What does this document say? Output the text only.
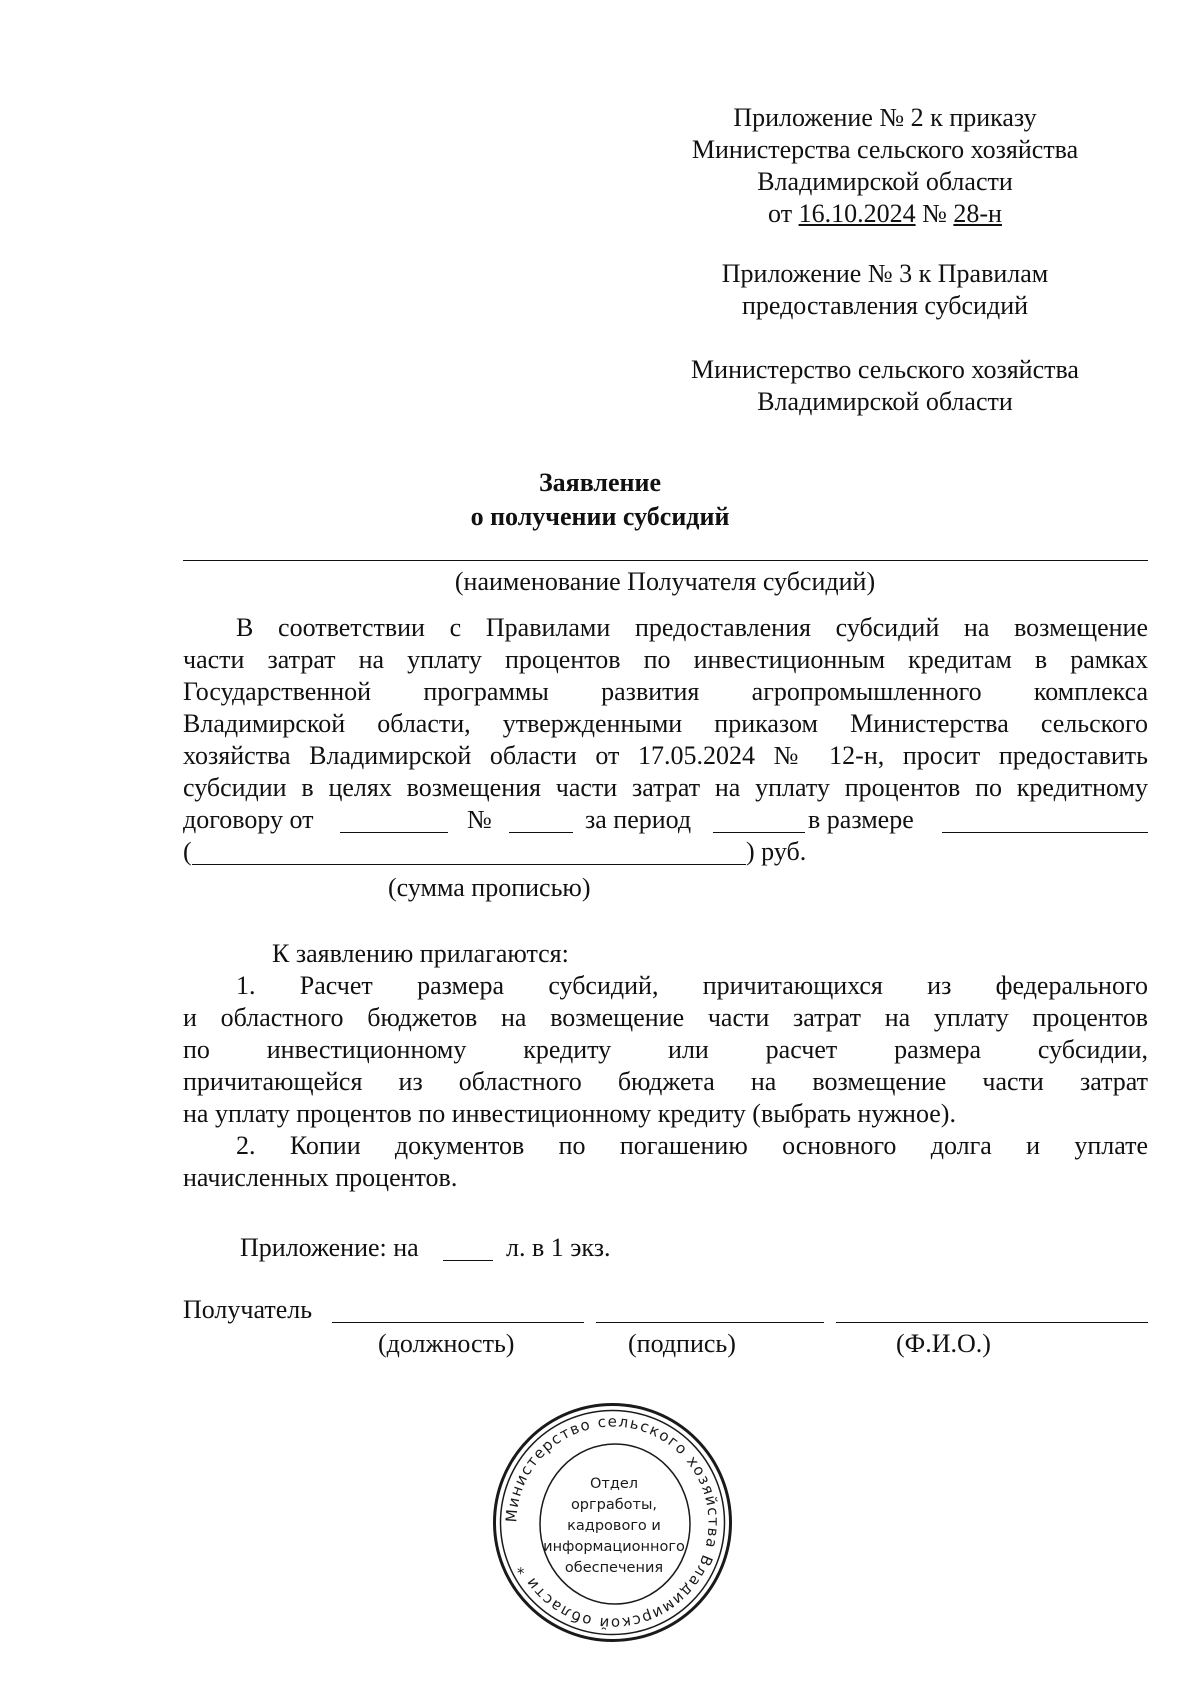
Приложение № 2 к приказу
Министерства сельского хозяйства
Владимирской области
от 16.10.2024 № 28-н
Приложение № 3 к Правилам
предоставления субсидий
Министерство сельского хозяйства
Владимирской области
Заявление
о получении субсидий
(наименование Получателя субсидий)
В соответствии с Правилами предоставления субсидий на возмещение
части затрат на уплату процентов по инвестиционным кредитам в рамках
Государственной программы развития агропромышленного комплекса
Владимирской области, утвержденными приказом Министерства сельского
хозяйства Владимирской области от 17.05.2024 № 12-н, просит предоставить
субсидии в целях возмещения части затрат на уплату процентов по кредитному
договору от	№	за период	в размере
(	) руб.
(сумма прописью)
К заявлению прилагаются:
1. Расчет размера субсидий, причитающихся из федерального
и областного бюджетов на возмещение части затрат на уплату процентов
по инвестиционному кредиту или расчет размера субсидии,
причитающейся из областного бюджета на возмещение части затрат
на уплату процентов по инвестиционному кредиту (выбрать нужное).
2. Копии документов по погашению основного долга и уплате
начисленных процентов.
Приложение: на	л. в 1 экз.
Получатель
(должность)	(подпись)	(Ф.И.О.)
Министерство сельского хозяйства Владимирской области *
Отдел
оргработы,
кадрового и
информационного
обеспечения
